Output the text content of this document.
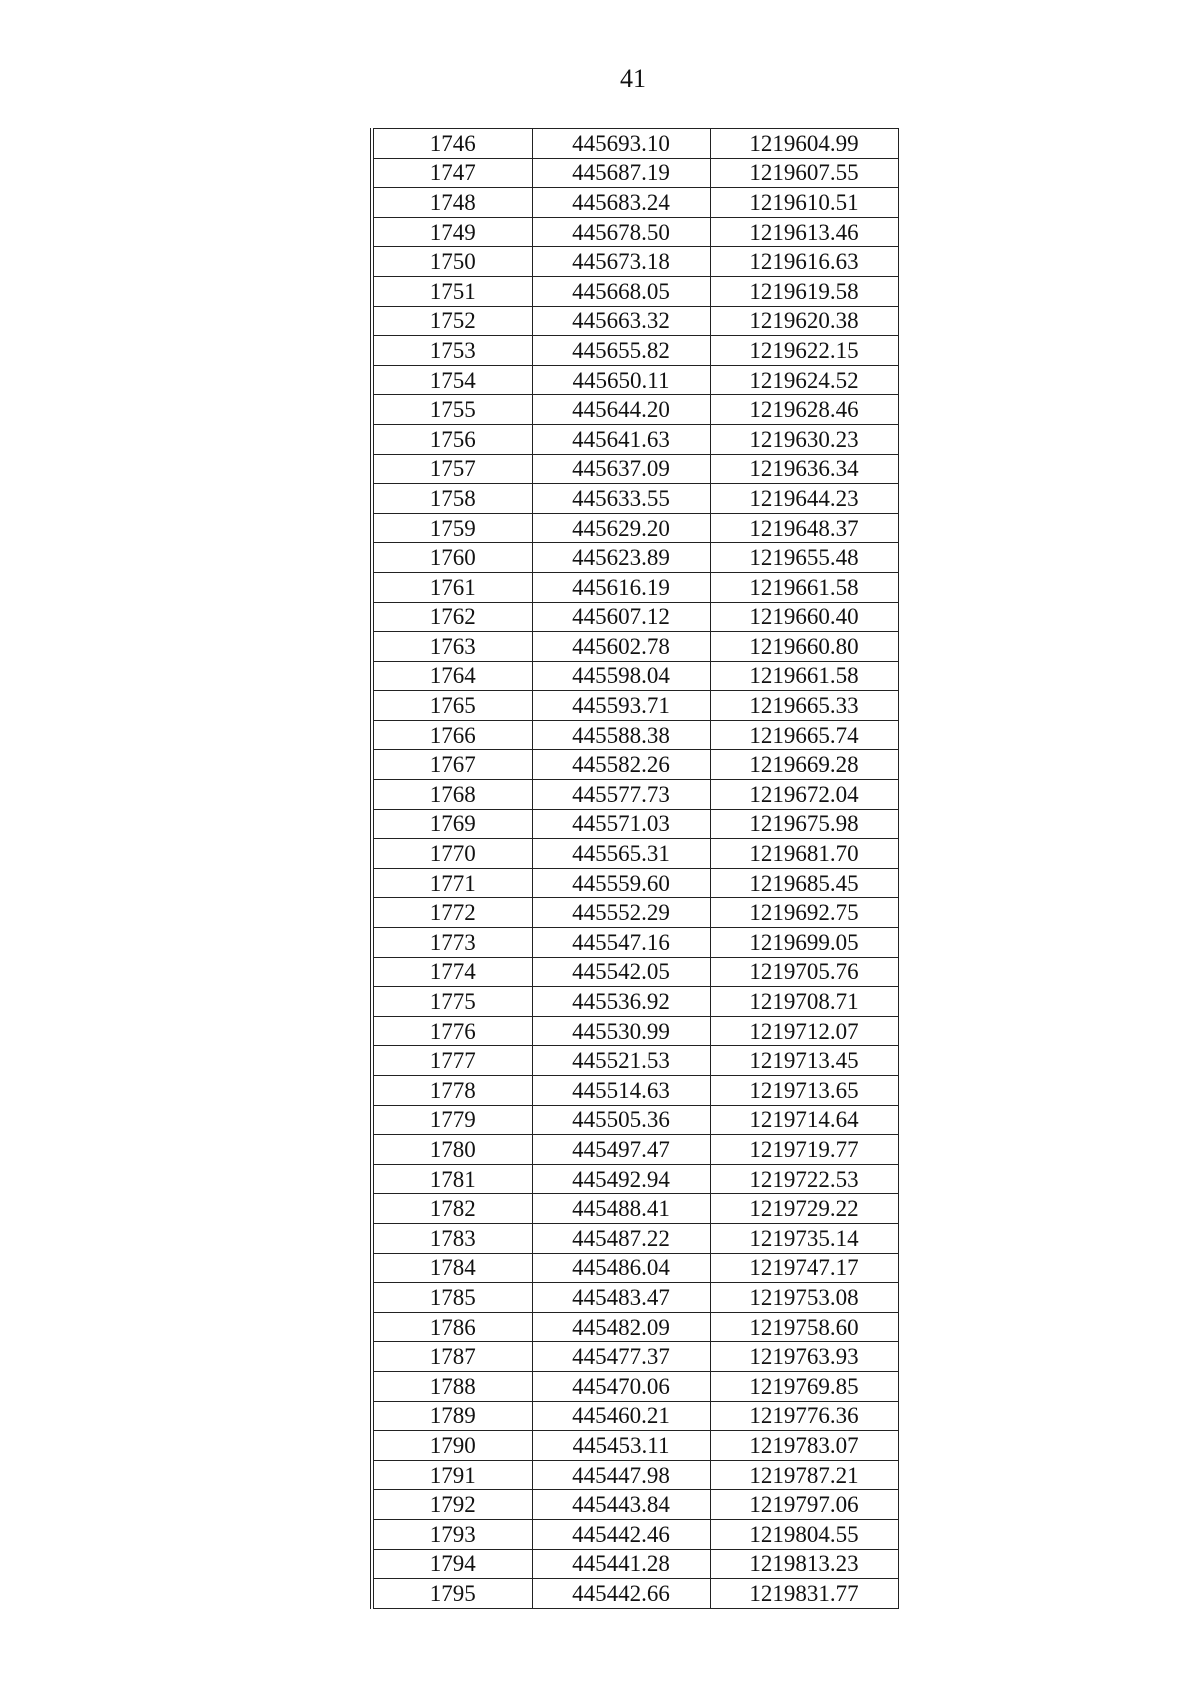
41
1746	445693.10	1219604.99
1747	445687.19	1219607.55
1748	445683.24	1219610.51
1749	445678.50	1219613.46
1750	445673.18	1219616.63
1751	445668.05	1219619.58
1752	445663.32	1219620.38
1753	445655.82	1219622.15
1754	445650.11	1219624.52
1755	445644.20	1219628.46
1756	445641.63	1219630.23
1757	445637.09	1219636.34
1758	445633.55	1219644.23
1759	445629.20	1219648.37
1760	445623.89	1219655.48
1761	445616.19	1219661.58
1762	445607.12	1219660.40
1763	445602.78	1219660.80
1764	445598.04	1219661.58
1765	445593.71	1219665.33
1766	445588.38	1219665.74
1767	445582.26	1219669.28
1768	445577.73	1219672.04
1769	445571.03	1219675.98
1770	445565.31	1219681.70
1771	445559.60	1219685.45
1772	445552.29	1219692.75
1773	445547.16	1219699.05
1774	445542.05	1219705.76
1775	445536.92	1219708.71
1776	445530.99	1219712.07
1777	445521.53	1219713.45
1778	445514.63	1219713.65
1779	445505.36	1219714.64
1780	445497.47	1219719.77
1781	445492.94	1219722.53
1782	445488.41	1219729.22
1783	445487.22	1219735.14
1784	445486.04	1219747.17
1785	445483.47	1219753.08
1786	445482.09	1219758.60
1787	445477.37	1219763.93
1788	445470.06	1219769.85
1789	445460.21	1219776.36
1790	445453.11	1219783.07
1791	445447.98	1219787.21
1792	445443.84	1219797.06
1793	445442.46	1219804.55
1794	445441.28	1219813.23
1795	445442.66	1219831.77
